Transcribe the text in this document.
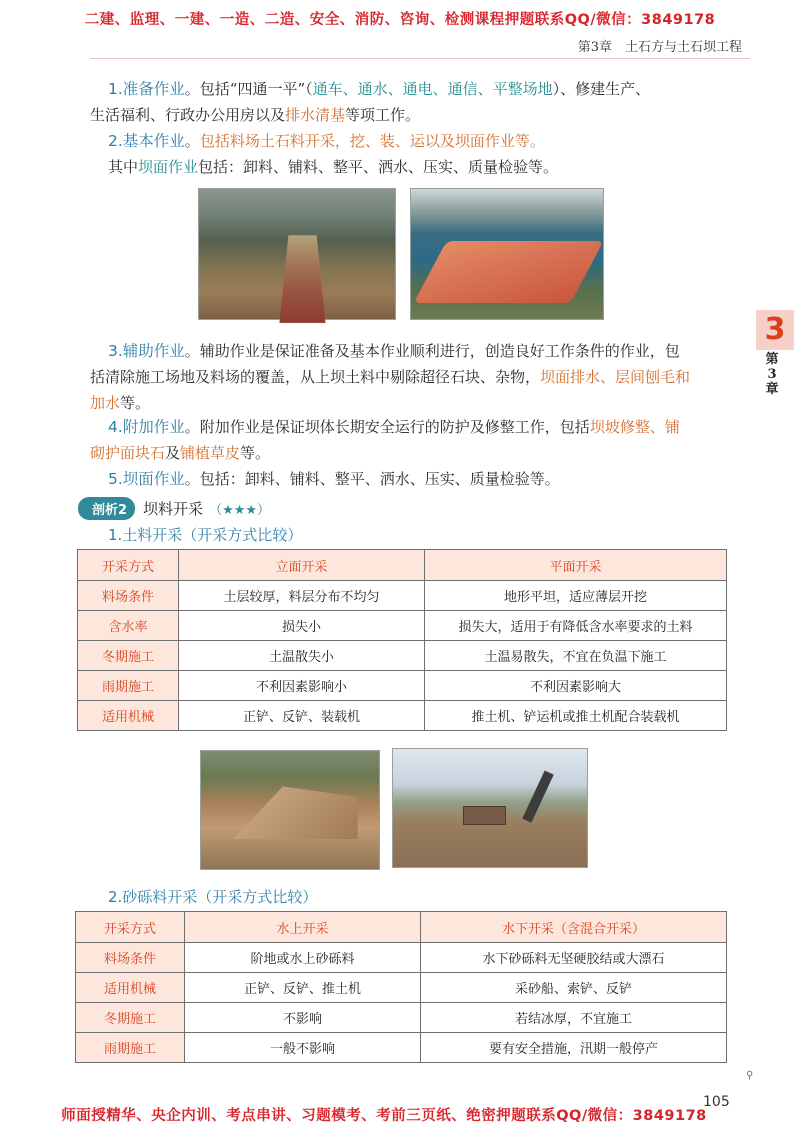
二建、监理、一建、一造、二造、安全、消防、咨询、检测课程押题联系QQ/微信：3849178
第3章　土石方与土石坝工程
1.准备作业。包括“四通一平”（通车、通水、通电、通信、平整场地）、修建生产、
生活福利、行政办公用房以及排水清基等项工作。
2.基本作业。包括料场土石料开采，挖、装、运以及坝面作业等。
其中坝面作业包括：卸料、铺料、整平、洒水、压实、质量检验等。
3
第
3
章
3.辅助作业。辅助作业是保证准备及基本作业顺利进行，创造良好工作条件的作业，包
括清除施工场地及料场的覆盖，从上坝土料中剔除超径石块、杂物，坝面排水、层间刨毛和
加水等。
4.附加作业。附加作业是保证坝体长期安全运行的防护及修整工作，包括坝坡修整、铺
砌护面块石及铺植草皮等。
5.坝面作业。包括：卸料、铺料、整平、洒水、压实、质量检验等。
剖析2 坝料开采 （★★★）
1.土料开采（开采方式比较）
开采方式	立面开采	平面开采
料场条件	土层较厚，料层分布不均匀	地形平坦，适应薄层开挖
含水率	损失小	损失大，适用于有降低含水率要求的土料
冬期施工	土温散失小	土温易散失，不宜在负温下施工
雨期施工	不利因素影响小	不利因素影响大
适用机械	正铲、反铲、装载机	推土机、铲运机或推土机配合装载机
2.砂砾料开采（开采方式比较）
开采方式	水上开采	水下开采（含混合开采）
料场条件	阶地或水上砂砾料	水下砂砾料无坚硬胶结或大漂石
适用机械	正铲、反铲、推土机	采砂船、索铲、反铲
冬期施工	不影响	若结冰厚，不宜施工
雨期施工	一般不影响	要有安全措施，汛期一般停产
⚲
105
师面授精华、央企内训、考点串讲、习题模考、考前三页纸、绝密押题联系QQ/微信：3849178
